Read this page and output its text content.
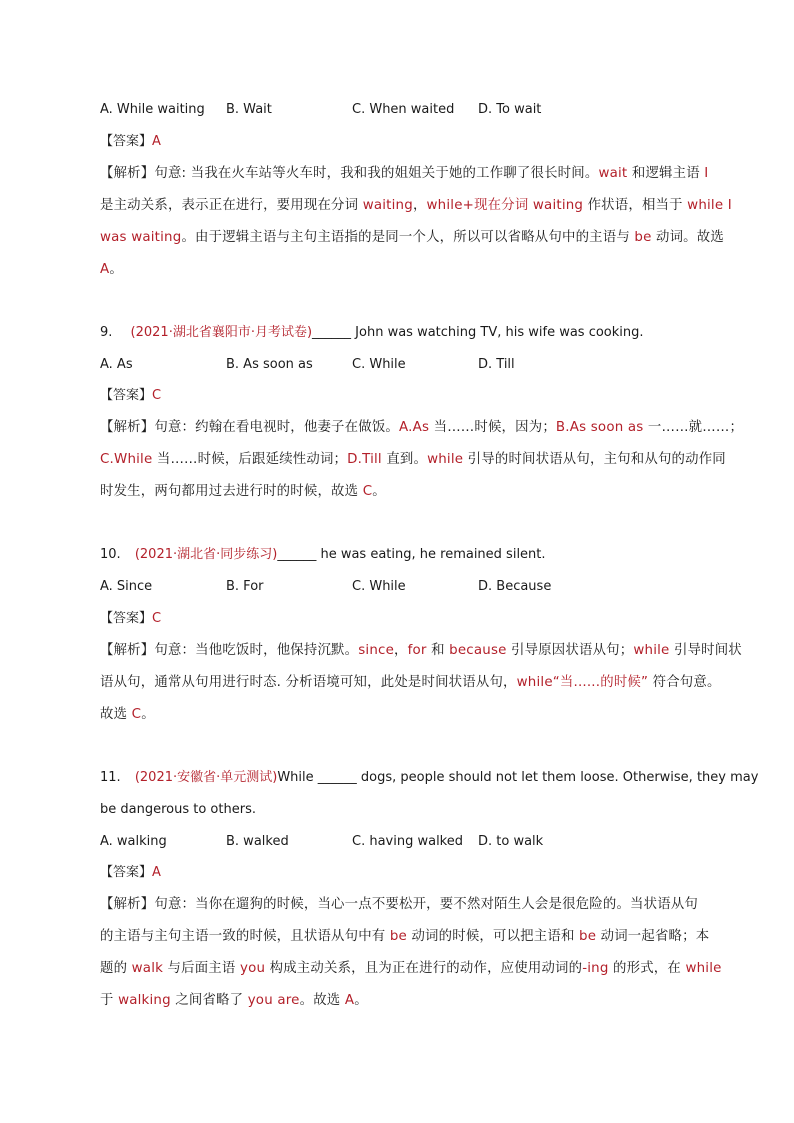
A. While waiting B. Wait	C. When waited D. To wait
【答案】A
【解析】句意: 当我在火车站等火车时，我和我的姐姐关于她的工作聊了很长时间。wait 和逻辑主语 I
是主动关系，表示正在进行，要用现在分词 waiting，while+现在分词 waiting 作状语，相当于 while I
was waiting。由于逻辑主语与主句主语指的是同一个人，所以可以省略从句中的主语与 be 动词。故选
A。
9. (2021·湖北省襄阳市·月考试卷)______ John was watching TV, his wife was cooking.
A. As	B. As soon as	C. While	D. Till
【答案】C
【解析】句意：约翰在看电视时，他妻子在做饭。A.As 当……时候，因为；B.As soon as 一……就……；
C.While 当……时候，后跟延续性动词；D.Till 直到。while 引导的时间状语从句，主句和从句的动作同
时发生，两句都用过去进行时的时候，故选 C。
10. (2021·湖北省·同步练习)______ he was eating, he remained silent.
A. Since	B. For	C. While	D. Because
【答案】C
【解析】句意：当他吃饭时，他保持沉默。since，for 和 because 引导原因状语从句；while 引导时间状
语从句，通常从句用进行时态. 分析语境可知，此处是时间状语从句，while“当......的时候” 符合句意。
故选 C。
11. (2021·安徽省·单元测试)While ______ dogs, people should not let them loose. Otherwise, they may
be dangerous to others.
A. walking	B. walked	C. having walked D. to walk
【答案】A
【解析】句意：当你在遛狗的时候，当心一点不要松开，要不然对陌生人会是很危险的。当状语从句
的主语与主句主语一致的时候，且状语从句中有 be 动词的时候，可以把主语和 be 动词一起省略；本
题的 walk 与后面主语 you 构成主动关系，且为正在进行的动作，应使用动词的-ing 的形式，在 while
于 walking 之间省略了 you are。故选 A。
